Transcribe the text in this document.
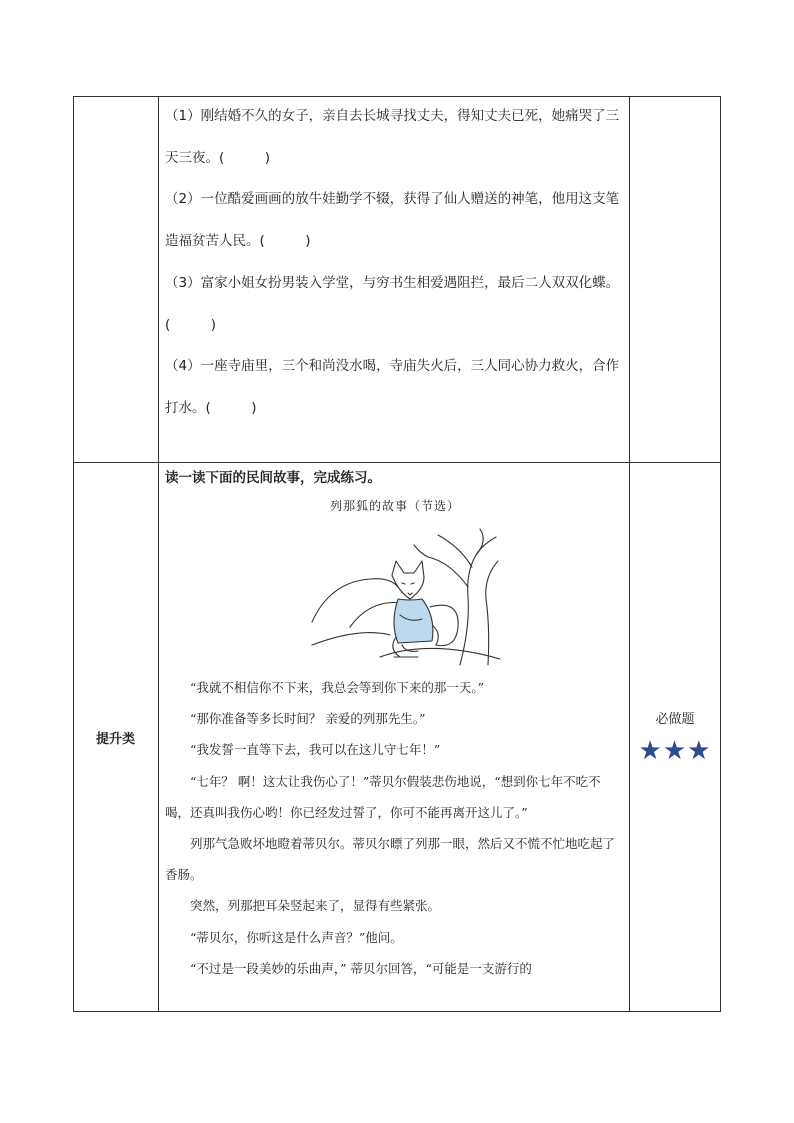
（1）刚结婚不久的女子，亲自去长城寻找丈夫，得知丈夫已死，她痛哭了三天三夜。(　　　)
（2）一位酷爱画画的放牛娃勤学不辍，获得了仙人赠送的神笔，他用这支笔造福贫苦人民。(　　　)
（3）富家小姐女扮男装入学堂，与穷书生相爱遇阻拦，最后二人双双化蝶。(　　　)
（4）一座寺庙里，三个和尚没水喝，寺庙失火后，三人同心协力救火，合作打水。(　　　)
读一读下面的民间故事，完成练习。
列那狐的故事（节选）

“我就不相信你不下来，我总会等到你下来的那一天。”

“那你准备等多长时间？ 亲爱的列那先生。”

“我发誓一直等下去，我可以在这儿守七年！”

“七年？ 啊！这太让我伤心了！”蒂贝尔假装悲伤地说，“想到你七年不吃不喝，还真叫我伤心哟！你已经发过誓了，你可不能再离开这儿了。”

列那气急败坏地瞪着蒂贝尔。蒂贝尔瞟了列那一眼，然后又不慌不忙地吃起了香肠。

突然，列那把耳朵竖起来了，显得有些紧张。

“蒂贝尔，你听这是什么声音？”他问。

“不过是一段美妙的乐曲声，” 蒂贝尔回答，“可能是一支游行的

提升类
必做题
★★★
